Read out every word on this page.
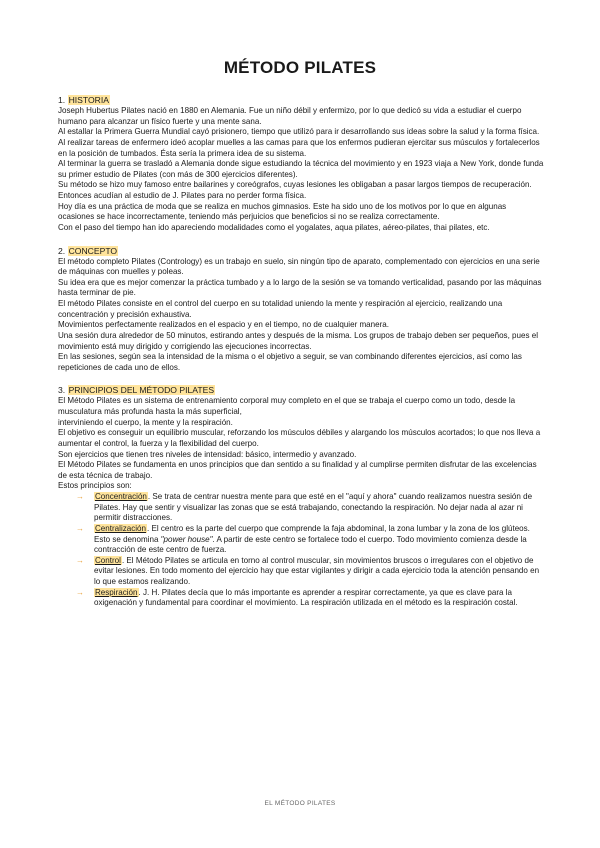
MÉTODO PILATES

1. HISTORIA

Joseph Hubertus Pilates nació en 1880 en Alemania. Fue un niño débil y enfermizo, por lo que dedicó su vida a estudiar el cuerpo humano para alcanzar un físico fuerte y una mente sana.

Al estallar la Primera Guerra Mundial cayó prisionero, tiempo que utilizó para ir desarrollando sus ideas sobre la salud y la forma física. Al realizar tareas de enfermero ideó acoplar muelles a las camas para que los enfermos pudieran ejercitar sus músculos y fortalecerlos en la posición de tumbados. Ésta sería la primera idea de su sistema.

Al terminar la guerra se trasladó a Alemania donde sigue estudiando la técnica del movimiento y en 1923 viaja a New York, donde funda su primer estudio de Pilates (con más de 300 ejercicios diferentes).

Su método se hizo muy famoso entre bailarines y coreógrafos, cuyas lesiones les obligaban a pasar largos tiempos de recuperación. Entonces acudían al estudio de J. Pilates para no perder forma física.

Hoy día es una práctica de moda que se realiza en muchos gimnasios. Este ha sido uno de los motivos por lo que en algunas ocasiones se hace incorrectamente, teniendo más perjuicios que beneficios si no se realiza correctamente.

Con el paso del tiempo han ido apareciendo modalidades como el yogalates, aqua pilates, aéreo-pilates, thai pilates, etc.

2. CONCEPTO

El método completo Pilates (Contrology) es un trabajo en suelo, sin ningún tipo de aparato, complementado con ejercicios en una serie de máquinas con muelles y poleas.

Su idea era que es mejor comenzar la práctica tumbado y a lo largo de la sesión se va tomando verticalidad, pasando por las máquinas hasta terminar de pie.

El método Pilates consiste en el control del cuerpo en su totalidad uniendo la mente y respiración al ejercicio, realizando una concentración y precisión exhaustiva.

Movimientos perfectamente realizados en el espacio y en el tiempo, no de cualquier manera.

Una sesión dura alrededor de 50 minutos, estirando antes y después de la misma. Los grupos de trabajo deben ser pequeños, pues el movimiento está muy dirigido y corrigiendo las ejecuciones incorrectas.

En las sesiones, según sea la intensidad de la misma o el objetivo a seguir, se van combinando diferentes ejercicios, así como las repeticiones de cada uno de ellos.

3. PRINCIPIOS DEL MÉTODO PILATES

El Método Pilates es un sistema de entrenamiento corporal muy completo en el que se trabaja el cuerpo como un todo, desde la musculatura más profunda hasta la más superficial,

interviniendo el cuerpo, la mente y la respiración.

El objetivo es conseguir un equilibrio muscular, reforzando los músculos débiles y alargando los músculos acortados; lo que nos lleva a aumentar el control, la fuerza y la flexibilidad del cuerpo.

Son ejercicios que tienen tres niveles de intensidad: básico, intermedio y avanzado.

El Método Pilates se fundamenta en unos principios que dan sentido a su finalidad y al cumplirse permiten disfrutar de las excelencias de esta técnica de trabajo.

Estos principios son:

→ Concentración. Se trata de centrar nuestra mente para que esté en el "aquí y ahora" cuando realizamos nuestra sesión de Pilates. Hay que sentir y visualizar las zonas que se está trabajando, conectando la respiración. No dejar nada al azar ni permitir distracciones.
→ Centralización. El centro es la parte del cuerpo que comprende la faja abdominal, la zona lumbar y la zona de los glúteos. Esto se denomina "power house". A partir de este centro se fortalece todo el cuerpo. Todo movimiento comienza desde la contracción de este centro de fuerza.
→ Control. El Método Pilates se articula en torno al control muscular, sin movimientos bruscos o irregulares con el objetivo de evitar lesiones. En todo momento del ejercicio hay que estar vigilantes y dirigir a cada ejercicio toda la atención pensando en lo que estamos realizando.
→ Respiración. J. H. Pilates decía que lo más importante es aprender a respirar correctamente, ya que es clave para la oxigenación y fundamental para coordinar el movimiento. La respiración utilizada en el método es la respiración costal.
EL MÉTODO PILATES
